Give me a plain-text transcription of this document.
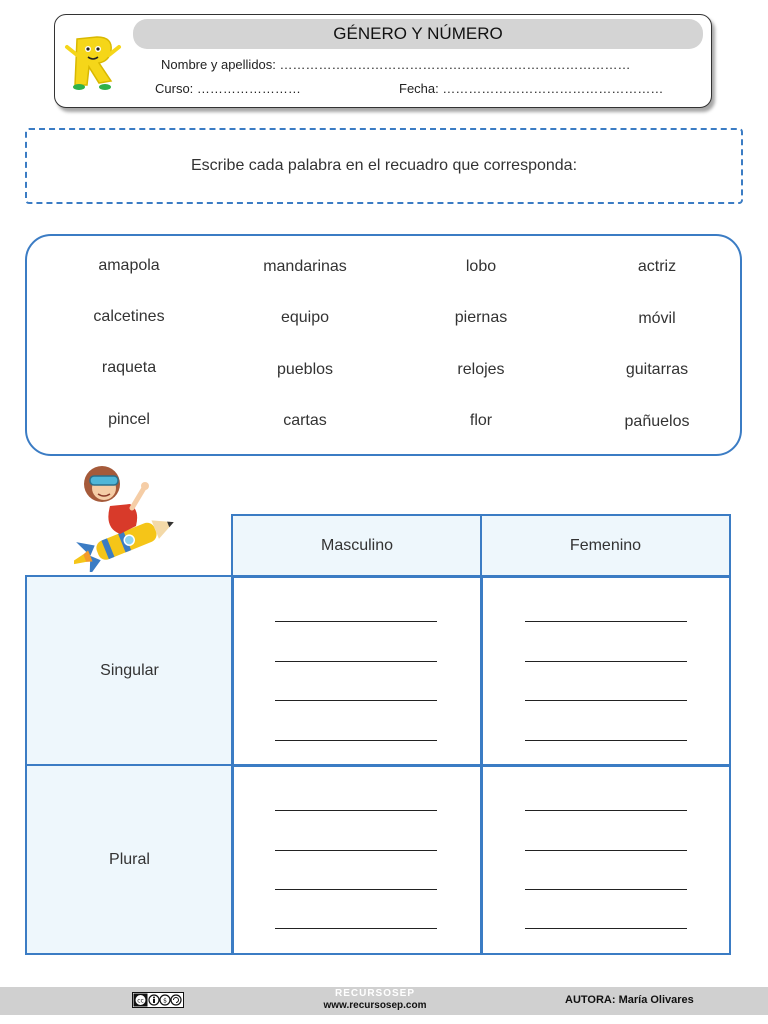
GÉNERO Y NÚMERO
Nombre y apellidos: ………………………………………………………………………
Curso: ……………………	Fecha: ……………………………………………
Escribe cada palabra en el recuadro que corresponda:
amapola	mandarinas	lobo	actriz
calcetines	equipo	piernas	móvil
raqueta	pueblos	relojes	guitarras
pincel	cartas	flor	pañuelos
Masculino	Femenino
Singular
Plural
cc	$
RECURSOSEP
www.recursosep.com	AUTORA: María Olivares
